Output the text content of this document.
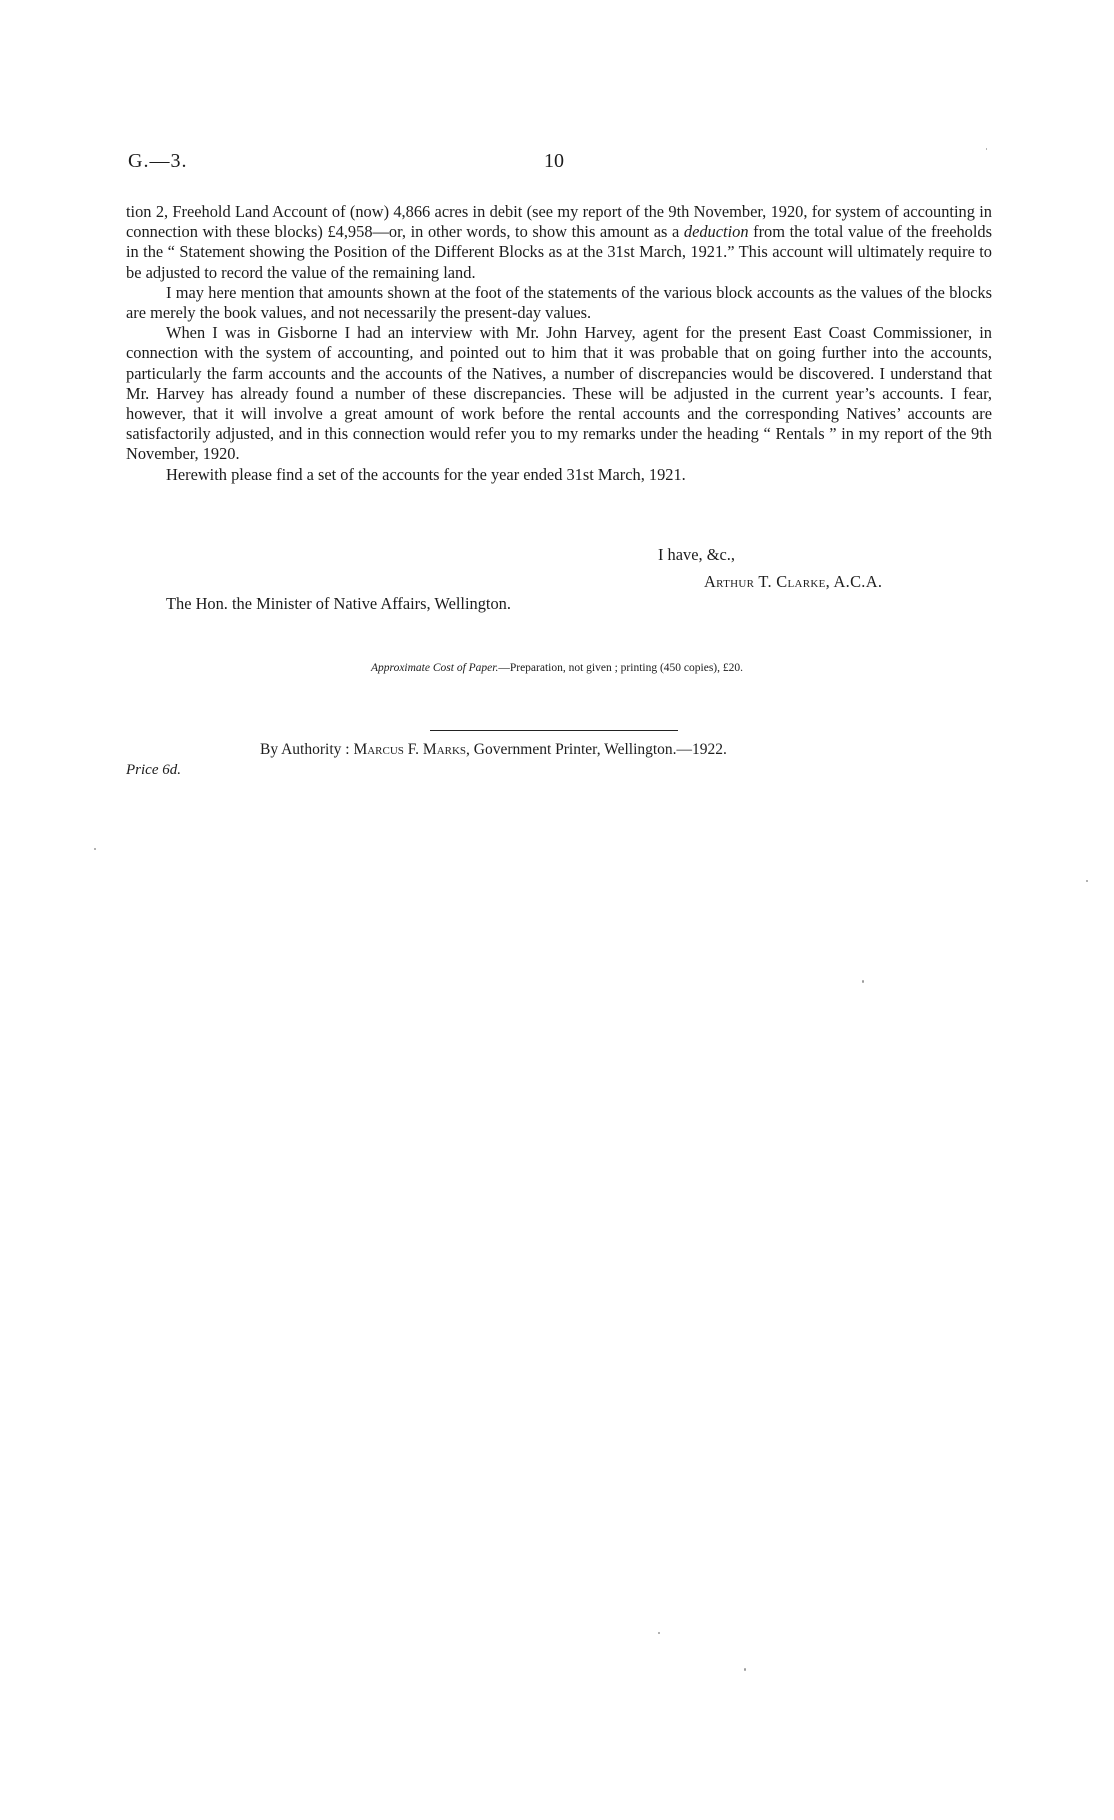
G.—3.	10

tion 2, Freehold Land Account of (now) 4,866 acres in debit (see my report of the 9th November, 1920, for system of accounting in connection with these blocks) £4,958—or, in other words, to show this amount as a deduction from the total value of the freeholds in the “ Statement showing the Position of the Different Blocks as at the 31st March, 1921.” This account will ultimately require to be adjusted to record the value of the remaining land.

I may here mention that amounts shown at the foot of the statements of the various block accounts as the values of the blocks are merely the book values, and not necessarily the present-day values.

When I was in Gisborne I had an interview with Mr. John Harvey, agent for the present East Coast Commissioner, in connection with the system of accounting, and pointed out to him that it was probable that on going further into the accounts, particularly the farm accounts and the accounts of the Natives, a number of discrepancies would be discovered. I understand that Mr. Harvey has already found a number of these discrepancies. These will be adjusted in the current year’s accounts. I fear, however, that it will involve a great amount of work before the rental accounts and the corresponding Natives’ accounts are satisfactorily adjusted, and in this connection would refer you to my remarks under the heading “ Rentals ” in my report of the 9th November, 1920.

Herewith please find a set of the accounts for the year ended 31st March, 1921.

I have, &c.,
Arthur T. Clarke, A.C.A.
The Hon. the Minister of Native Affairs, Wellington.
Approximate Cost of Paper.—Preparation, not given ; printing (450 copies), £20.
By Authority : Marcus F. Marks, Government Printer, Wellington.—1922.
Price 6d.
